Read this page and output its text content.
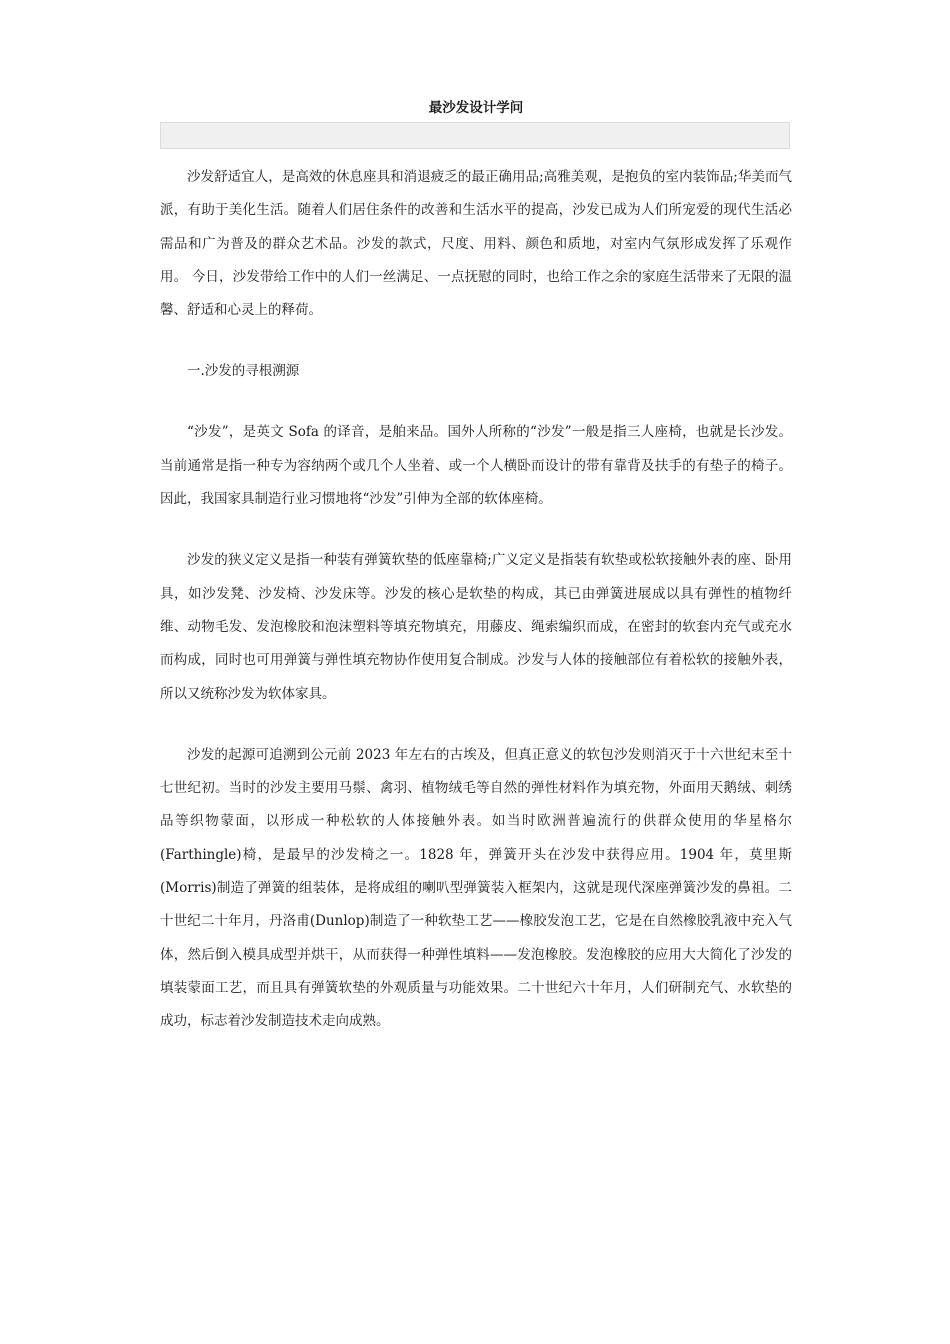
最沙发设计学问

沙发舒适宜人，是高效的休息座具和消退疲乏的最正确用品;高雅美观，是抱负的室内装饰品;华美而气派，有助于美化生活。随着人们居住条件的改善和生活水平的提高，沙发已成为人们所宠爱的现代生活必需品和广为普及的群众艺术品。沙发的款式，尺度、用料、颜色和质地，对室内气氛形成发挥了乐观作用。 今日，沙发带给工作中的人们一丝满足、一点抚慰的同时，也给工作之余的家庭生活带来了无限的温馨、舒适和心灵上的释荷。

一.沙发的寻根溯源

“沙发”，是英文 Sofa 的译音，是舶来品。国外人所称的“沙发”一般是指三人座椅，也就是长沙发。当前通常是指一种专为容纳两个或几个人坐着、或一个人横卧而设计的带有靠背及扶手的有垫子的椅子。因此，我国家具制造行业习惯地将“沙发”引伸为全部的软体座椅。

沙发的狭义定义是指一种装有弹簧软垫的低座靠椅;广义定义是指装有软垫或松软接触外表的座、卧用具，如沙发凳、沙发椅、沙发床等。沙发的核心是软垫的构成，其已由弹簧进展成以具有弹性的植物纤维、动物毛发、发泡橡胶和泡沫塑料等填充物填充，用藤皮、绳索编织而成，在密封的软套内充气或充水而构成，同时也可用弹簧与弹性填充物协作使用复合制成。沙发与人体的接触部位有着松软的接触外表，所以又统称沙发为软体家具。

沙发的起源可追溯到公元前 2023 年左右的古埃及，但真正意义的软包沙发则消灭于十六世纪末至十七世纪初。当时的沙发主要用马鬃、禽羽、植物绒毛等自然的弹性材料作为填充物，外面用天鹅绒、刺绣品等织物蒙面，以形成一种松软的人体接触外表。如当时欧洲普遍流行的供群众使用的华星格尔(Farthingle)椅，是最早的沙发椅之一。1828 年，弹簧开头在沙发中获得应用。1904 年，莫里斯(Morris)制造了弹簧的组装体，是将成组的喇叭型弹簧装入框架内，这就是现代深座弹簧沙发的鼻祖。二十世纪二十年月，丹洛甫(Dunlop)制造了一种软垫工艺——橡胶发泡工艺，它是在自然橡胶乳液中充入气体，然后倒入模具成型并烘干，从而获得一种弹性填料——发泡橡胶。发泡橡胶的应用大大简化了沙发的填装蒙面工艺，而且具有弹簧软垫的外观质量与功能效果。二十世纪六十年月，人们研制充气、水软垫的成功，标志着沙发制造技术走向成熟。
